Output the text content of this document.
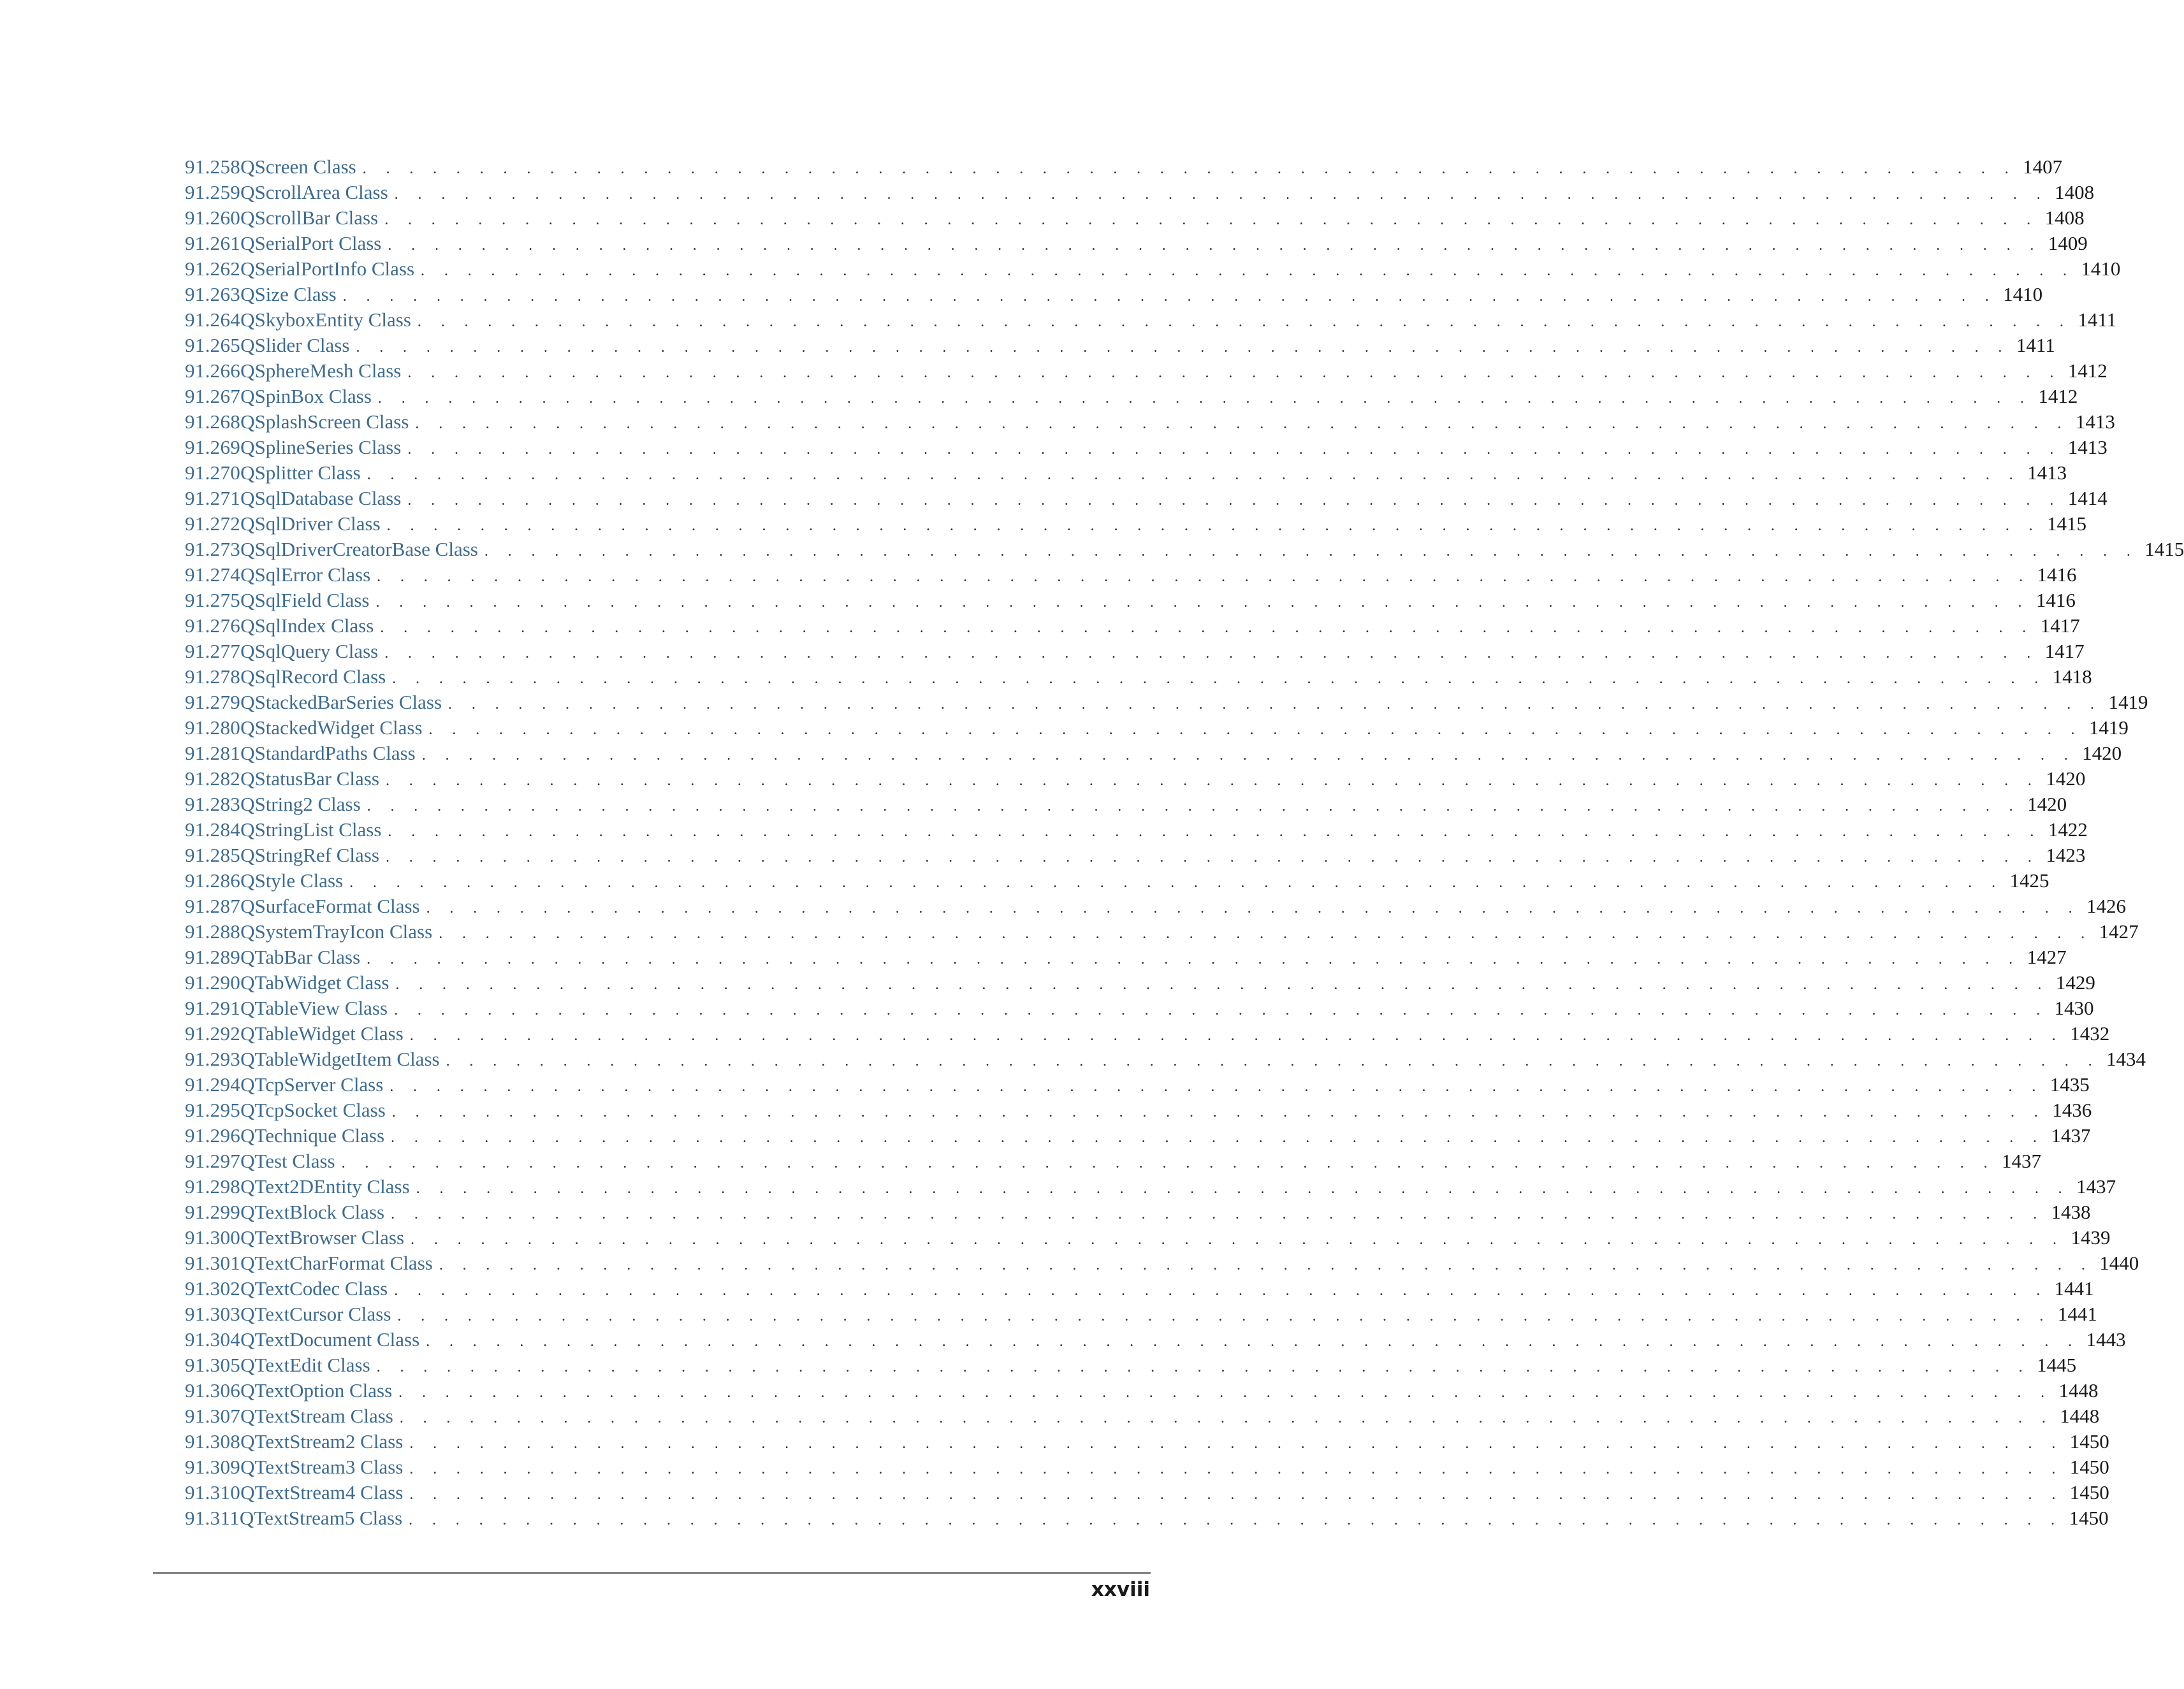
91.258 QScreen Class . . . . . . . . . . . . . . . . . . . . . . . . . . . . . . . . . . . . . . . . . . . . . . . . . . . . . . . . . . . . . . . . . . . . . . . 1407
91.259 QScrollArea Class . . . . . . . . . . . . . . . . . . . . . . . . . . . . . . . . . . . . . . . . . . . . . . . . . . . . . . . . . . . . . . . . . . . . . . . 1408
91.260 QScrollBar Class . . . . . . . . . . . . . . . . . . . . . . . . . . . . . . . . . . . . . . . . . . . . . . . . . . . . . . . . . . . . . . . . . . . . . . . 1408
91.261 QSerialPort Class . . . . . . . . . . . . . . . . . . . . . . . . . . . . . . . . . . . . . . . . . . . . . . . . . . . . . . . . . . . . . . . . . . . . . . . 1409
91.262 QSerialPortInfo Class . . . . . . . . . . . . . . . . . . . . . . . . . . . . . . . . . . . . . . . . . . . . . . . . . . . . . . . . . . . . . . . . . . . . . . . 1410
91.263 QSize Class . . . . . . . . . . . . . . . . . . . . . . . . . . . . . . . . . . . . . . . . . . . . . . . . . . . . . . . . . . . . . . . . . . . . . . . 1410
91.264 QSkyboxEntity Class . . . . . . . . . . . . . . . . . . . . . . . . . . . . . . . . . . . . . . . . . . . . . . . . . . . . . . . . . . . . . . . . . . . . . . . 1411
91.265 QSlider Class . . . . . . . . . . . . . . . . . . . . . . . . . . . . . . . . . . . . . . . . . . . . . . . . . . . . . . . . . . . . . . . . . . . . . . . 1411
91.266 QSphereMesh Class . . . . . . . . . . . . . . . . . . . . . . . . . . . . . . . . . . . . . . . . . . . . . . . . . . . . . . . . . . . . . . . . . . . . . . . 1412
91.267 QSpinBox Class . . . . . . . . . . . . . . . . . . . . . . . . . . . . . . . . . . . . . . . . . . . . . . . . . . . . . . . . . . . . . . . . . . . . . . . 1412
91.268 QSplashScreen Class . . . . . . . . . . . . . . . . . . . . . . . . . . . . . . . . . . . . . . . . . . . . . . . . . . . . . . . . . . . . . . . . . . . . . . . 1413
91.269 QSplineSeries Class . . . . . . . . . . . . . . . . . . . . . . . . . . . . . . . . . . . . . . . . . . . . . . . . . . . . . . . . . . . . . . . . . . . . . . . 1413
91.270 QSplitter Class . . . . . . . . . . . . . . . . . . . . . . . . . . . . . . . . . . . . . . . . . . . . . . . . . . . . . . . . . . . . . . . . . . . . . . . 1413
91.271 QSqlDatabase Class . . . . . . . . . . . . . . . . . . . . . . . . . . . . . . . . . . . . . . . . . . . . . . . . . . . . . . . . . . . . . . . . . . . . . . . 1414
91.272 QSqlDriver Class . . . . . . . . . . . . . . . . . . . . . . . . . . . . . . . . . . . . . . . . . . . . . . . . . . . . . . . . . . . . . . . . . . . . . . . 1415
91.273 QSqlDriverCreatorBase Class . . . . . . . . . . . . . . . . . . . . . . . . . . . . . . . . . . . . . . . . . . . . . . . . . . . . . . . . . . . . . . . . . . . . . . . 1415
91.274 QSqlError Class . . . . . . . . . . . . . . . . . . . . . . . . . . . . . . . . . . . . . . . . . . . . . . . . . . . . . . . . . . . . . . . . . . . . . . . 1416
91.275 QSqlField Class . . . . . . . . . . . . . . . . . . . . . . . . . . . . . . . . . . . . . . . . . . . . . . . . . . . . . . . . . . . . . . . . . . . . . . . 1416
91.276 QSqlIndex Class . . . . . . . . . . . . . . . . . . . . . . . . . . . . . . . . . . . . . . . . . . . . . . . . . . . . . . . . . . . . . . . . . . . . . . . 1417
91.277 QSqlQuery Class . . . . . . . . . . . . . . . . . . . . . . . . . . . . . . . . . . . . . . . . . . . . . . . . . . . . . . . . . . . . . . . . . . . . . . . 1417
91.278 QSqlRecord Class . . . . . . . . . . . . . . . . . . . . . . . . . . . . . . . . . . . . . . . . . . . . . . . . . . . . . . . . . . . . . . . . . . . . . . . 1418
91.279 QStackedBarSeries Class . . . . . . . . . . . . . . . . . . . . . . . . . . . . . . . . . . . . . . . . . . . . . . . . . . . . . . . . . . . . . . . . . . . . . . . 1419
91.280 QStackedWidget Class . . . . . . . . . . . . . . . . . . . . . . . . . . . . . . . . . . . . . . . . . . . . . . . . . . . . . . . . . . . . . . . . . . . . . . . 1419
91.281 QStandardPaths Class . . . . . . . . . . . . . . . . . . . . . . . . . . . . . . . . . . . . . . . . . . . . . . . . . . . . . . . . . . . . . . . . . . . . . . . 1420
91.282 QStatusBar Class . . . . . . . . . . . . . . . . . . . . . . . . . . . . . . . . . . . . . . . . . . . . . . . . . . . . . . . . . . . . . . . . . . . . . . . 1420
91.283 QString2 Class . . . . . . . . . . . . . . . . . . . . . . . . . . . . . . . . . . . . . . . . . . . . . . . . . . . . . . . . . . . . . . . . . . . . . . . 1420
91.284 QStringList Class . . . . . . . . . . . . . . . . . . . . . . . . . . . . . . . . . . . . . . . . . . . . . . . . . . . . . . . . . . . . . . . . . . . . . . . 1422
91.285 QStringRef Class . . . . . . . . . . . . . . . . . . . . . . . . . . . . . . . . . . . . . . . . . . . . . . . . . . . . . . . . . . . . . . . . . . . . . . . 1423
91.286 QStyle Class . . . . . . . . . . . . . . . . . . . . . . . . . . . . . . . . . . . . . . . . . . . . . . . . . . . . . . . . . . . . . . . . . . . . . . . 1425
91.287 QSurfaceFormat Class . . . . . . . . . . . . . . . . . . . . . . . . . . . . . . . . . . . . . . . . . . . . . . . . . . . . . . . . . . . . . . . . . . . . . . . 1426
91.288 QSystemTrayIcon Class . . . . . . . . . . . . . . . . . . . . . . . . . . . . . . . . . . . . . . . . . . . . . . . . . . . . . . . . . . . . . . . . . . . . . . . 1427
91.289 QTabBar Class . . . . . . . . . . . . . . . . . . . . . . . . . . . . . . . . . . . . . . . . . . . . . . . . . . . . . . . . . . . . . . . . . . . . . . . 1427
91.290 QTabWidget Class . . . . . . . . . . . . . . . . . . . . . . . . . . . . . . . . . . . . . . . . . . . . . . . . . . . . . . . . . . . . . . . . . . . . . . . 1429
91.291 QTableView Class . . . . . . . . . . . . . . . . . . . . . . . . . . . . . . . . . . . . . . . . . . . . . . . . . . . . . . . . . . . . . . . . . . . . . . . 1430
91.292 QTableWidget Class . . . . . . . . . . . . . . . . . . . . . . . . . . . . . . . . . . . . . . . . . . . . . . . . . . . . . . . . . . . . . . . . . . . . . . . 1432
91.293 QTableWidgetItem Class . . . . . . . . . . . . . . . . . . . . . . . . . . . . . . . . . . . . . . . . . . . . . . . . . . . . . . . . . . . . . . . . . . . . . . . 1434
91.294 QTcpServer Class . . . . . . . . . . . . . . . . . . . . . . . . . . . . . . . . . . . . . . . . . . . . . . . . . . . . . . . . . . . . . . . . . . . . . . . 1435
91.295 QTcpSocket Class . . . . . . . . . . . . . . . . . . . . . . . . . . . . . . . . . . . . . . . . . . . . . . . . . . . . . . . . . . . . . . . . . . . . . . . 1436
91.296 QTechnique Class . . . . . . . . . . . . . . . . . . . . . . . . . . . . . . . . . . . . . . . . . . . . . . . . . . . . . . . . . . . . . . . . . . . . . . . 1437
91.297 QTest Class . . . . . . . . . . . . . . . . . . . . . . . . . . . . . . . . . . . . . . . . . . . . . . . . . . . . . . . . . . . . . . . . . . . . . . . 1437
91.298 QText2DEntity Class . . . . . . . . . . . . . . . . . . . . . . . . . . . . . . . . . . . . . . . . . . . . . . . . . . . . . . . . . . . . . . . . . . . . . . . 1437
91.299 QTextBlock Class . . . . . . . . . . . . . . . . . . . . . . . . . . . . . . . . . . . . . . . . . . . . . . . . . . . . . . . . . . . . . . . . . . . . . . . 1438
91.300 QTextBrowser Class . . . . . . . . . . . . . . . . . . . . . . . . . . . . . . . . . . . . . . . . . . . . . . . . . . . . . . . . . . . . . . . . . . . . . . . 1439
91.301 QTextCharFormat Class . . . . . . . . . . . . . . . . . . . . . . . . . . . . . . . . . . . . . . . . . . . . . . . . . . . . . . . . . . . . . . . . . . . . . . . 1440
91.302 QTextCodec Class . . . . . . . . . . . . . . . . . . . . . . . . . . . . . . . . . . . . . . . . . . . . . . . . . . . . . . . . . . . . . . . . . . . . . . . 1441
91.303 QTextCursor Class . . . . . . . . . . . . . . . . . . . . . . . . . . . . . . . . . . . . . . . . . . . . . . . . . . . . . . . . . . . . . . . . . . . . . . . 1441
91.304 QTextDocument Class . . . . . . . . . . . . . . . . . . . . . . . . . . . . . . . . . . . . . . . . . . . . . . . . . . . . . . . . . . . . . . . . . . . . . . . 1443
91.305 QTextEdit Class . . . . . . . . . . . . . . . . . . . . . . . . . . . . . . . . . . . . . . . . . . . . . . . . . . . . . . . . . . . . . . . . . . . . . . . 1445
91.306 QTextOption Class . . . . . . . . . . . . . . . . . . . . . . . . . . . . . . . . . . . . . . . . . . . . . . . . . . . . . . . . . . . . . . . . . . . . . . . 1448
91.307 QTextStream Class . . . . . . . . . . . . . . . . . . . . . . . . . . . . . . . . . . . . . . . . . . . . . . . . . . . . . . . . . . . . . . . . . . . . . . . 1448
91.308 QTextStream2 Class . . . . . . . . . . . . . . . . . . . . . . . . . . . . . . . . . . . . . . . . . . . . . . . . . . . . . . . . . . . . . . . . . . . . . . . 1450
91.309 QTextStream3 Class . . . . . . . . . . . . . . . . . . . . . . . . . . . . . . . . . . . . . . . . . . . . . . . . . . . . . . . . . . . . . . . . . . . . . . . 1450
91.310 QTextStream4 Class . . . . . . . . . . . . . . . . . . . . . . . . . . . . . . . . . . . . . . . . . . . . . . . . . . . . . . . . . . . . . . . . . . . . . . . 1450
91.311 QTextStream5 Class . . . . . . . . . . . . . . . . . . . . . . . . . . . . . . . . . . . . . . . . . . . . . . . . . . . . . . . . . . . . . . . . . . . . . . . 1450
xxviii
